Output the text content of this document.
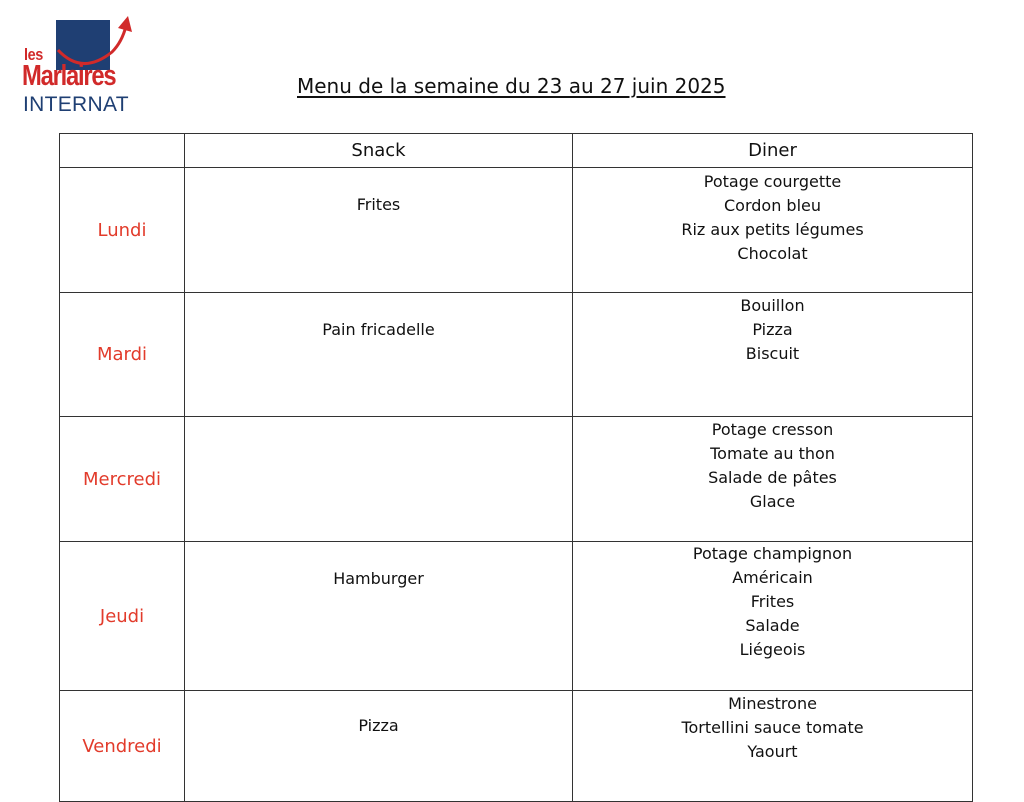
les
Marlaires
INTERNAT
Menu de la semaine du 23 au 27 juin 2025
	Snack	Diner
Lundi	Frites	Potage courgette
Cordon bleu
Riz aux petits légumes
Chocolat

Mardi	Pain fricadelle	Bouillon
Pizza
Biscuit

Mercredi		Potage cresson
Tomate au thon
Salade de pâtes
Glace

Jeudi	Hamburger	Potage champignon
Américain
Frites
Salade
Liégeois

Vendredi	Pizza	Minestrone
Tortellini sauce tomate
Yaourt
